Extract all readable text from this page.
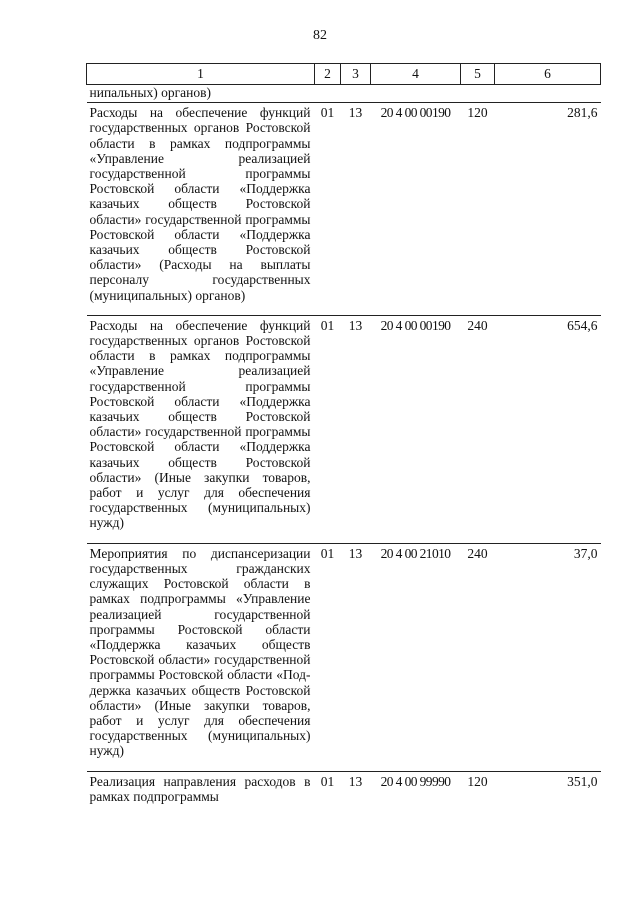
82
1	2	3	4	5	6
нипальных) органов)					
Расходы на обеспечение функций государственных органов Ростовской области в рамках подпрограммы «Управление реализацией государственной программы Ростовской области «Поддержка казачьих обществ Ростовской области» государственной программы Ростовской области «Поддержка казачьих обществ Ростовской области» (Расходы на выплаты персоналу государственных (муниципальных) органов)	01	13	20 4 00 00190	120	281,6
Расходы на обеспечение функций государственных органов Ростовской области в рамках подпрограммы «Управление реализацией государственной программы Ростовской области «Поддержка казачьих обществ Ростовской области» государственной программы Ростовской области «Поддержка казачьих обществ Ростовской области» (Иные закупки товаров, работ и услуг для обеспечения государственных (муниципальных) нужд)	01	13	20 4 00 00190	240	654,6
Мероприятия по диспансеризации государственных гражданских служащих Ростовской области в рамках подпрограммы «Управление реализацией государственной программы Ростовской области «Поддержка казачьих обществ Ростовской области» государственной программы Ростовской области «Поддержка казачьих обществ Ростовской области» (Иные закупки товаров, работ и услуг для обеспечения государственных (муниципальных) нужд)	01	13	20 4 00 21010	240	37,0
Реализация направления расходов в рамках подпрограммы	01	13	20 4 00 99990	120	351,0
